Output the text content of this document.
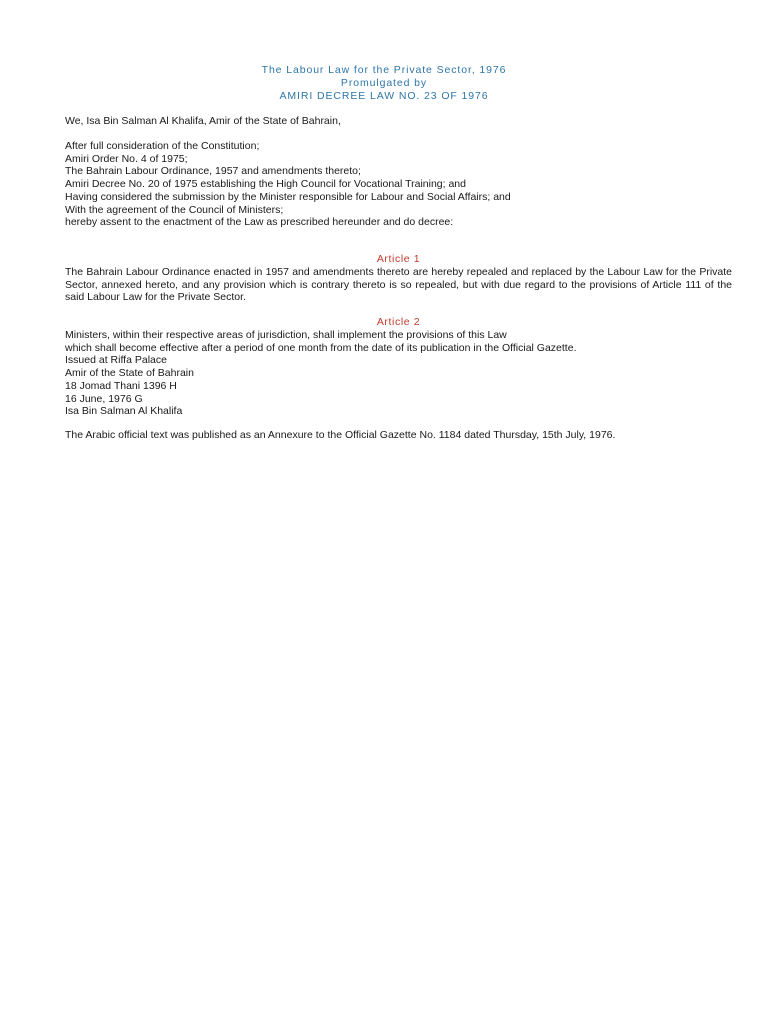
The Labour Law for the Private Sector, 1976
Promulgated by
AMIRI DECREE LAW NO. 23 OF 1976
We, Isa Bin Salman Al Khalifa, Amir of the State of Bahrain,
After full consideration of the Constitution;
Amiri Order No. 4 of 1975;
The Bahrain Labour Ordinance, 1957 and amendments thereto;
Amiri Decree No. 20 of 1975 establishing the High Council for Vocational Training; and
Having considered the submission by the Minister responsible for Labour and Social Affairs; and
With the agreement of the Council of Ministers;
hereby assent to the enactment of the Law as prescribed hereunder and do decree:
Article 1
The Bahrain Labour Ordinance enacted in 1957 and amendments thereto are hereby repealed and replaced by the Labour Law for the Private Sector, annexed hereto, and any provision which is contrary thereto is so repealed, but with due regard to the provisions of Article 111 of the said Labour Law for the Private Sector.
Article 2
Ministers, within their respective areas of jurisdiction, shall implement the provisions of this Law
which shall become effective after a period of one month from the date of its publication in the Official Gazette.
Issued at Riffa Palace
Amir of the State of Bahrain
18 Jomad Thani 1396 H
16 June, 1976 G
Isa Bin Salman Al Khalifa
The Arabic official text was published as an Annexure to the Official Gazette No. 1184 dated Thursday, 15th July, 1976.
